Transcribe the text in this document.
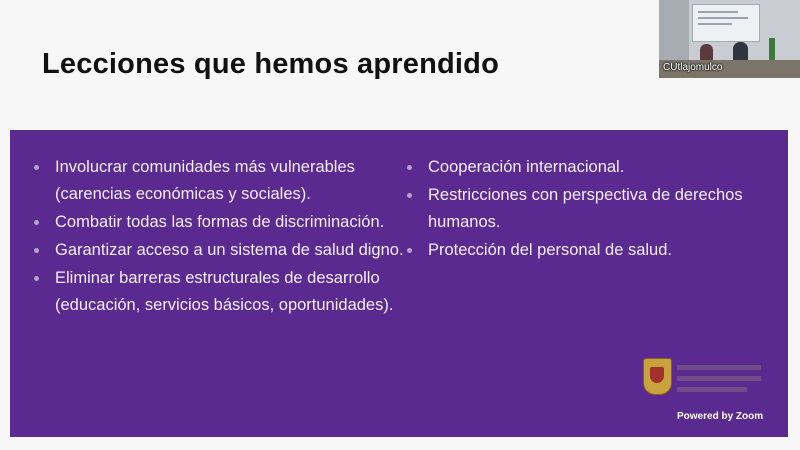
Lecciones que hemos aprendido	CUtlajomulco
Involucrar comunidades más vulnerables (carencias económicas y sociales).
Combatir todas las formas de discriminación.
Garantizar acceso a un sistema de salud digno.
Eliminar barreras estructurales de desarrollo (educación, servicios básicos, oportunidades).
Cooperación internacional.
Restricciones con perspectiva de derechos humanos.
Protección del personal de salud.
Powered by Zoom
